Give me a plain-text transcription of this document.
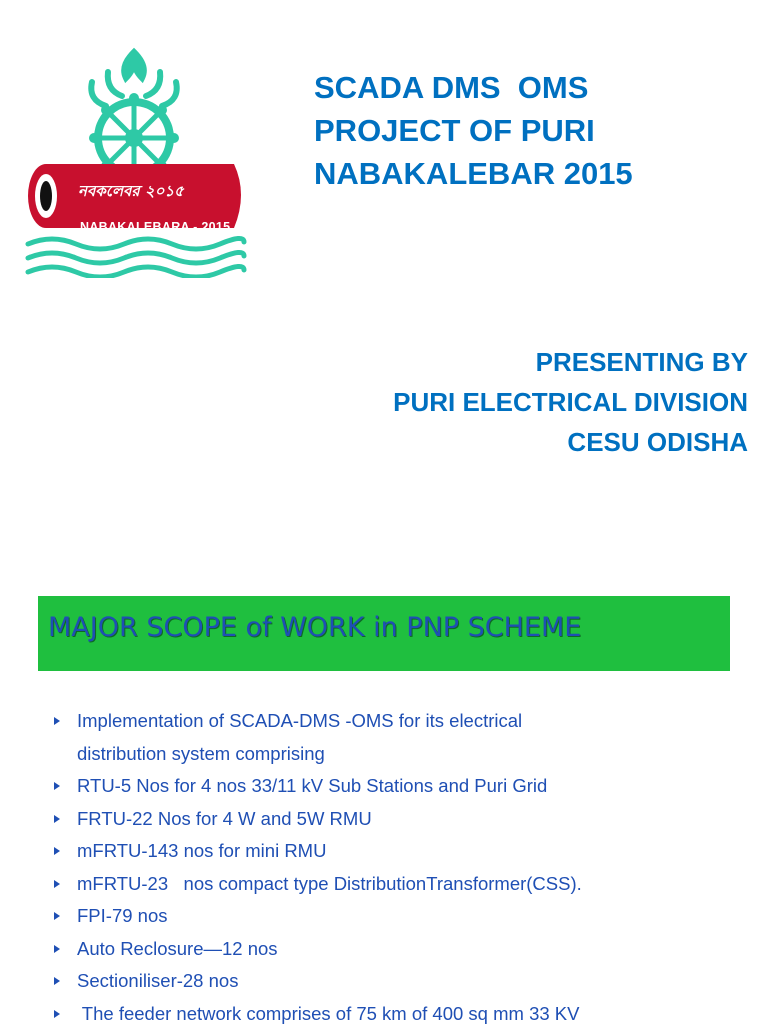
নবকলেবর ২০১৫
NABAKALEBARA - 2015
SCADA DMS  OMS
PROJECT OF PURI
NABAKALEBAR 2015
PRESENTING BY
PURI ELECTRICAL DIVISION
CESU ODISHA
MAJOR SCOPE of WORK in PNP SCHEME
Implementation of SCADA-DMS -OMS for its electrical
distribution system comprising
RTU-5 Nos for 4 nos 33/11 kV Sub Stations and Puri Grid
FRTU-22 Nos for 4 W and 5W RMU
mFRTU-143 nos for mini RMU
mFRTU-23   nos compact type DistributionTransformer(CSS).
FPI-79 nos
Auto Reclosure—12 nos
Sectioniliser-28 nos
The feeder network comprises of 75 km of 400 sq mm 33 KV
